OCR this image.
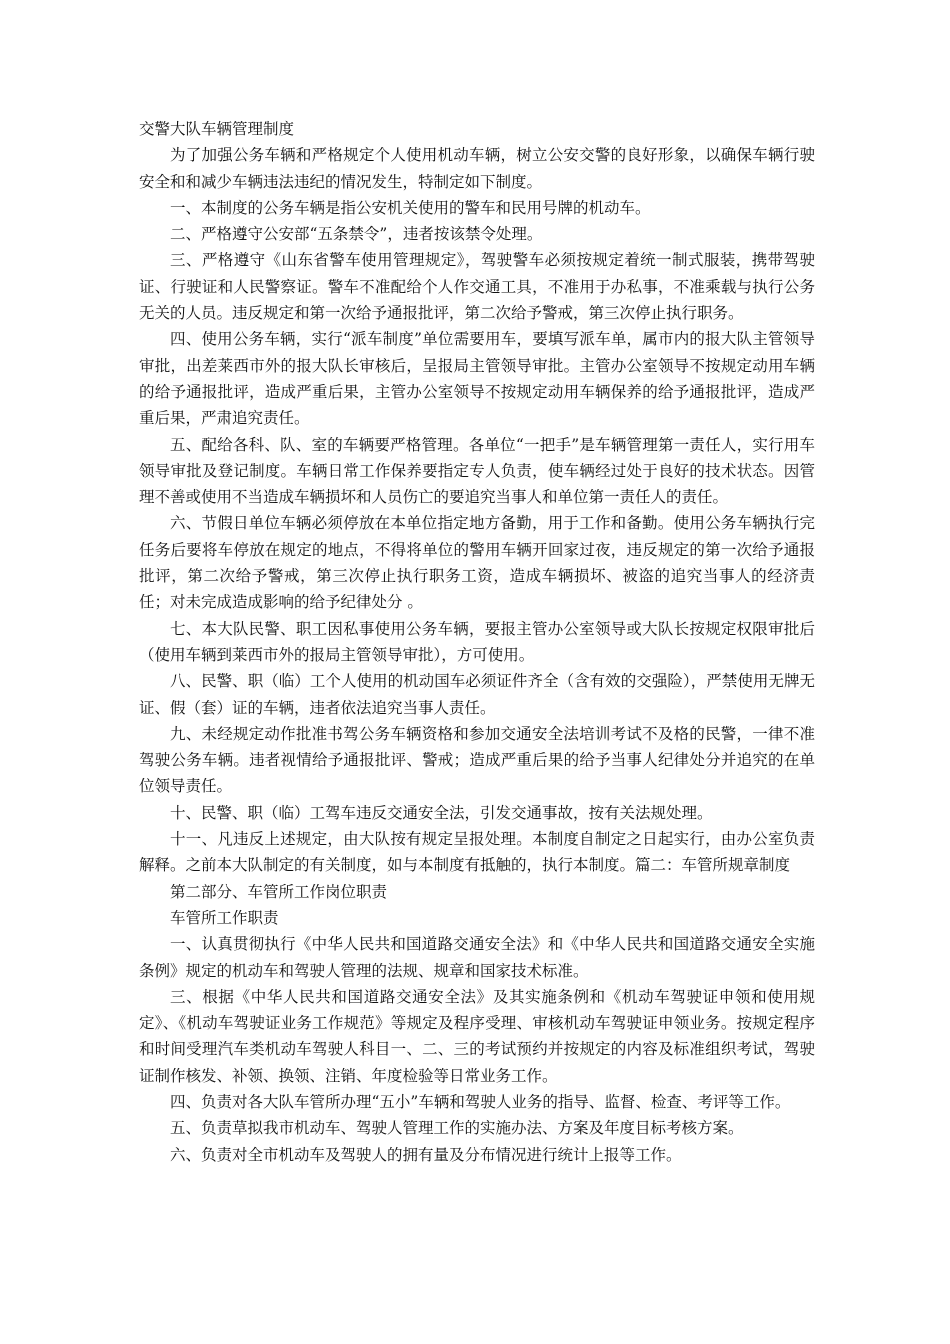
交警大队车辆管理制度

为了加强公务车辆和严格规定个人使用机动车辆，树立公安交警的良好形象，以确保车辆行驶安全和和减少车辆违法违纪的情况发生，特制定如下制度。

一、本制度的公务车辆是指公安机关使用的警车和民用号牌的机动车。

二、严格遵守公安部“五条禁令”，违者按该禁令处理。

三、严格遵守《山东省警车使用管理规定》，驾驶警车必须按规定着统一制式服装，携带驾驶证、行驶证和人民警察证。警车不准配给个人作交通工具，不准用于办私事，不准乘载与执行公务无关的人员。违反规定和第一次给予通报批评，第二次给予警戒，第三次停止执行职务。

四、使用公务车辆，实行“派车制度”单位需要用车，要填写派车单，属市内的报大队主管领导审批，出差莱西市外的报大队长审核后，呈报局主管领导审批。主管办公室领导不按规定动用车辆的给予通报批评，造成严重后果，主管办公室领导不按规定动用车辆保养的给予通报批评，造成严重后果，严肃追究责任。

五、配给各科、队、室的车辆要严格管理。各单位“一把手”是车辆管理第一责任人，实行用车领导审批及登记制度。车辆日常工作保养要指定专人负责，使车辆经过处于良好的技术状态。因管理不善或使用不当造成车辆损坏和人员伤亡的要追究当事人和单位第一责任人的责任。

六、节假日单位车辆必须停放在本单位指定地方备勤，用于工作和备勤。使用公务车辆执行完任务后要将车停放在规定的地点，不得将单位的警用车辆开回家过夜，违反规定的第一次给予通报批评，第二次给予警戒，第三次停止执行职务工资，造成车辆损坏、被盗的追究当事人的经济责任；对未完成造成影响的给予纪律处分 。

七、本大队民警、职工因私事使用公务车辆，要报主管办公室领导或大队长按规定权限审批后（使用车辆到莱西市外的报局主管领导审批），方可使用。

八、民警、职（临）工个人使用的机动国车必须证件齐全（含有效的交强险），严禁使用无牌无证、假（套）证的车辆，违者依法追究当事人责任。

九、未经规定动作批准书驾公务车辆资格和参加交通安全法培训考试不及格的民警，一律不准驾驶公务车辆。违者视情给予通报批评、警戒；造成严重后果的给予当事人纪律处分并追究的在单位领导责任。

十、民警、职（临）工驾车违反交通安全法，引发交通事故，按有关法规处理。

十一、凡违反上述规定，由大队按有规定呈报处理。本制度自制定之日起实行，由办公室负责解释。之前本大队制定的有关制度，如与本制度有抵触的，执行本制度。篇二：车管所规章制度

第二部分、车管所工作岗位职责

车管所工作职责

一、认真贯彻执行《中华人民共和国道路交通安全法》和《中华人民共和国道路交通安全实施条例》规定的机动车和驾驶人管理的法规、规章和国家技术标准。

三、根据《中华人民共和国道路交通安全法》及其实施条例和《机动车驾驶证申领和使用规定》、《机动车驾驶证业务工作规范》等规定及程序受理、审核机动车驾驶证申领业务。按规定程序和时间受理汽车类机动车驾驶人科目一、二、三的考试预约并按规定的内容及标准组织考试，驾驶证制作核发、补领、换领、注销、年度检验等日常业务工作。

四、负责对各大队车管所办理“五小”车辆和驾驶人业务的指导、监督、检查、考评等工作。

五、负责草拟我市机动车、驾驶人管理工作的实施办法、方案及年度目标考核方案。

六、负责对全市机动车及驾驶人的拥有量及分布情况进行统计上报等工作。
